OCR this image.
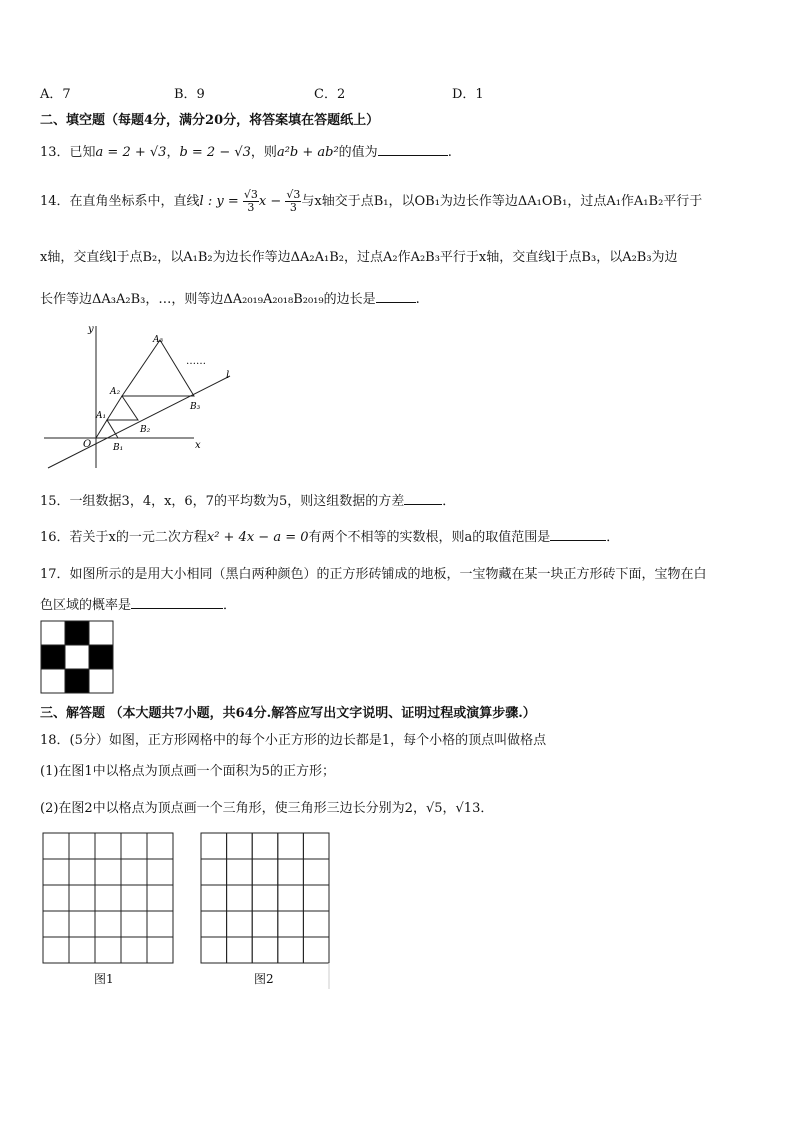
A．7	B．9	C．2	D．1
二、填空题（每题4分，满分20分，将答案填在答题纸上）
13．已知a = 2 + √3，b = 2 − √3，则a²b + ab²的值为	.
14．在直角坐标系中，直线l : $y = \frac{√3}{3}$ $x - \frac{√3}{3}$ 与x轴交于点B₁，以OB₁为边长作等边ΔA₁OB₁，过点A₁作A₁B₂平行于
x轴，交直线l于点B₂，以A₁B₂为边长作等边ΔA₂A₁B₂，过点A₂作A₂B₃平行于x轴，交直线l于点B₃，以A₂B₃为边
长作等边ΔA₃A₂B₃，…，则等边ΔA₂₀₁₉A₂₀₁₈B₂₀₁₉的边长是	.
y
x
O
l
……
A₁
A₂
A₃
B₁
B₂
B₃
15．一组数据3，4，x，6，7的平均数为5，则这组数据的方差	．
16．若关于x的一元二次方程x² + 4x − a = 0有两个不相等的实数根，则a的取值范围是	．
17．如图所示的是用大小相同（黑白两种颜色）的正方形砖铺成的地板，一宝物藏在某一块正方形砖下面，宝物在白
色区域的概率是	．
三、解答题 （本大题共7小题，共64分.解答应写出文字说明、证明过程或演算步骤.）
18．(5分）如图，正方形网格中的每个小正方形的边长都是1，每个小格的顶点叫做格点
(1)在图1中以格点为顶点画一个面积为5的正方形；
(2)在图2中以格点为顶点画一个三角形，使三角形三边长分别为2，√5，√13．
图1	图2
